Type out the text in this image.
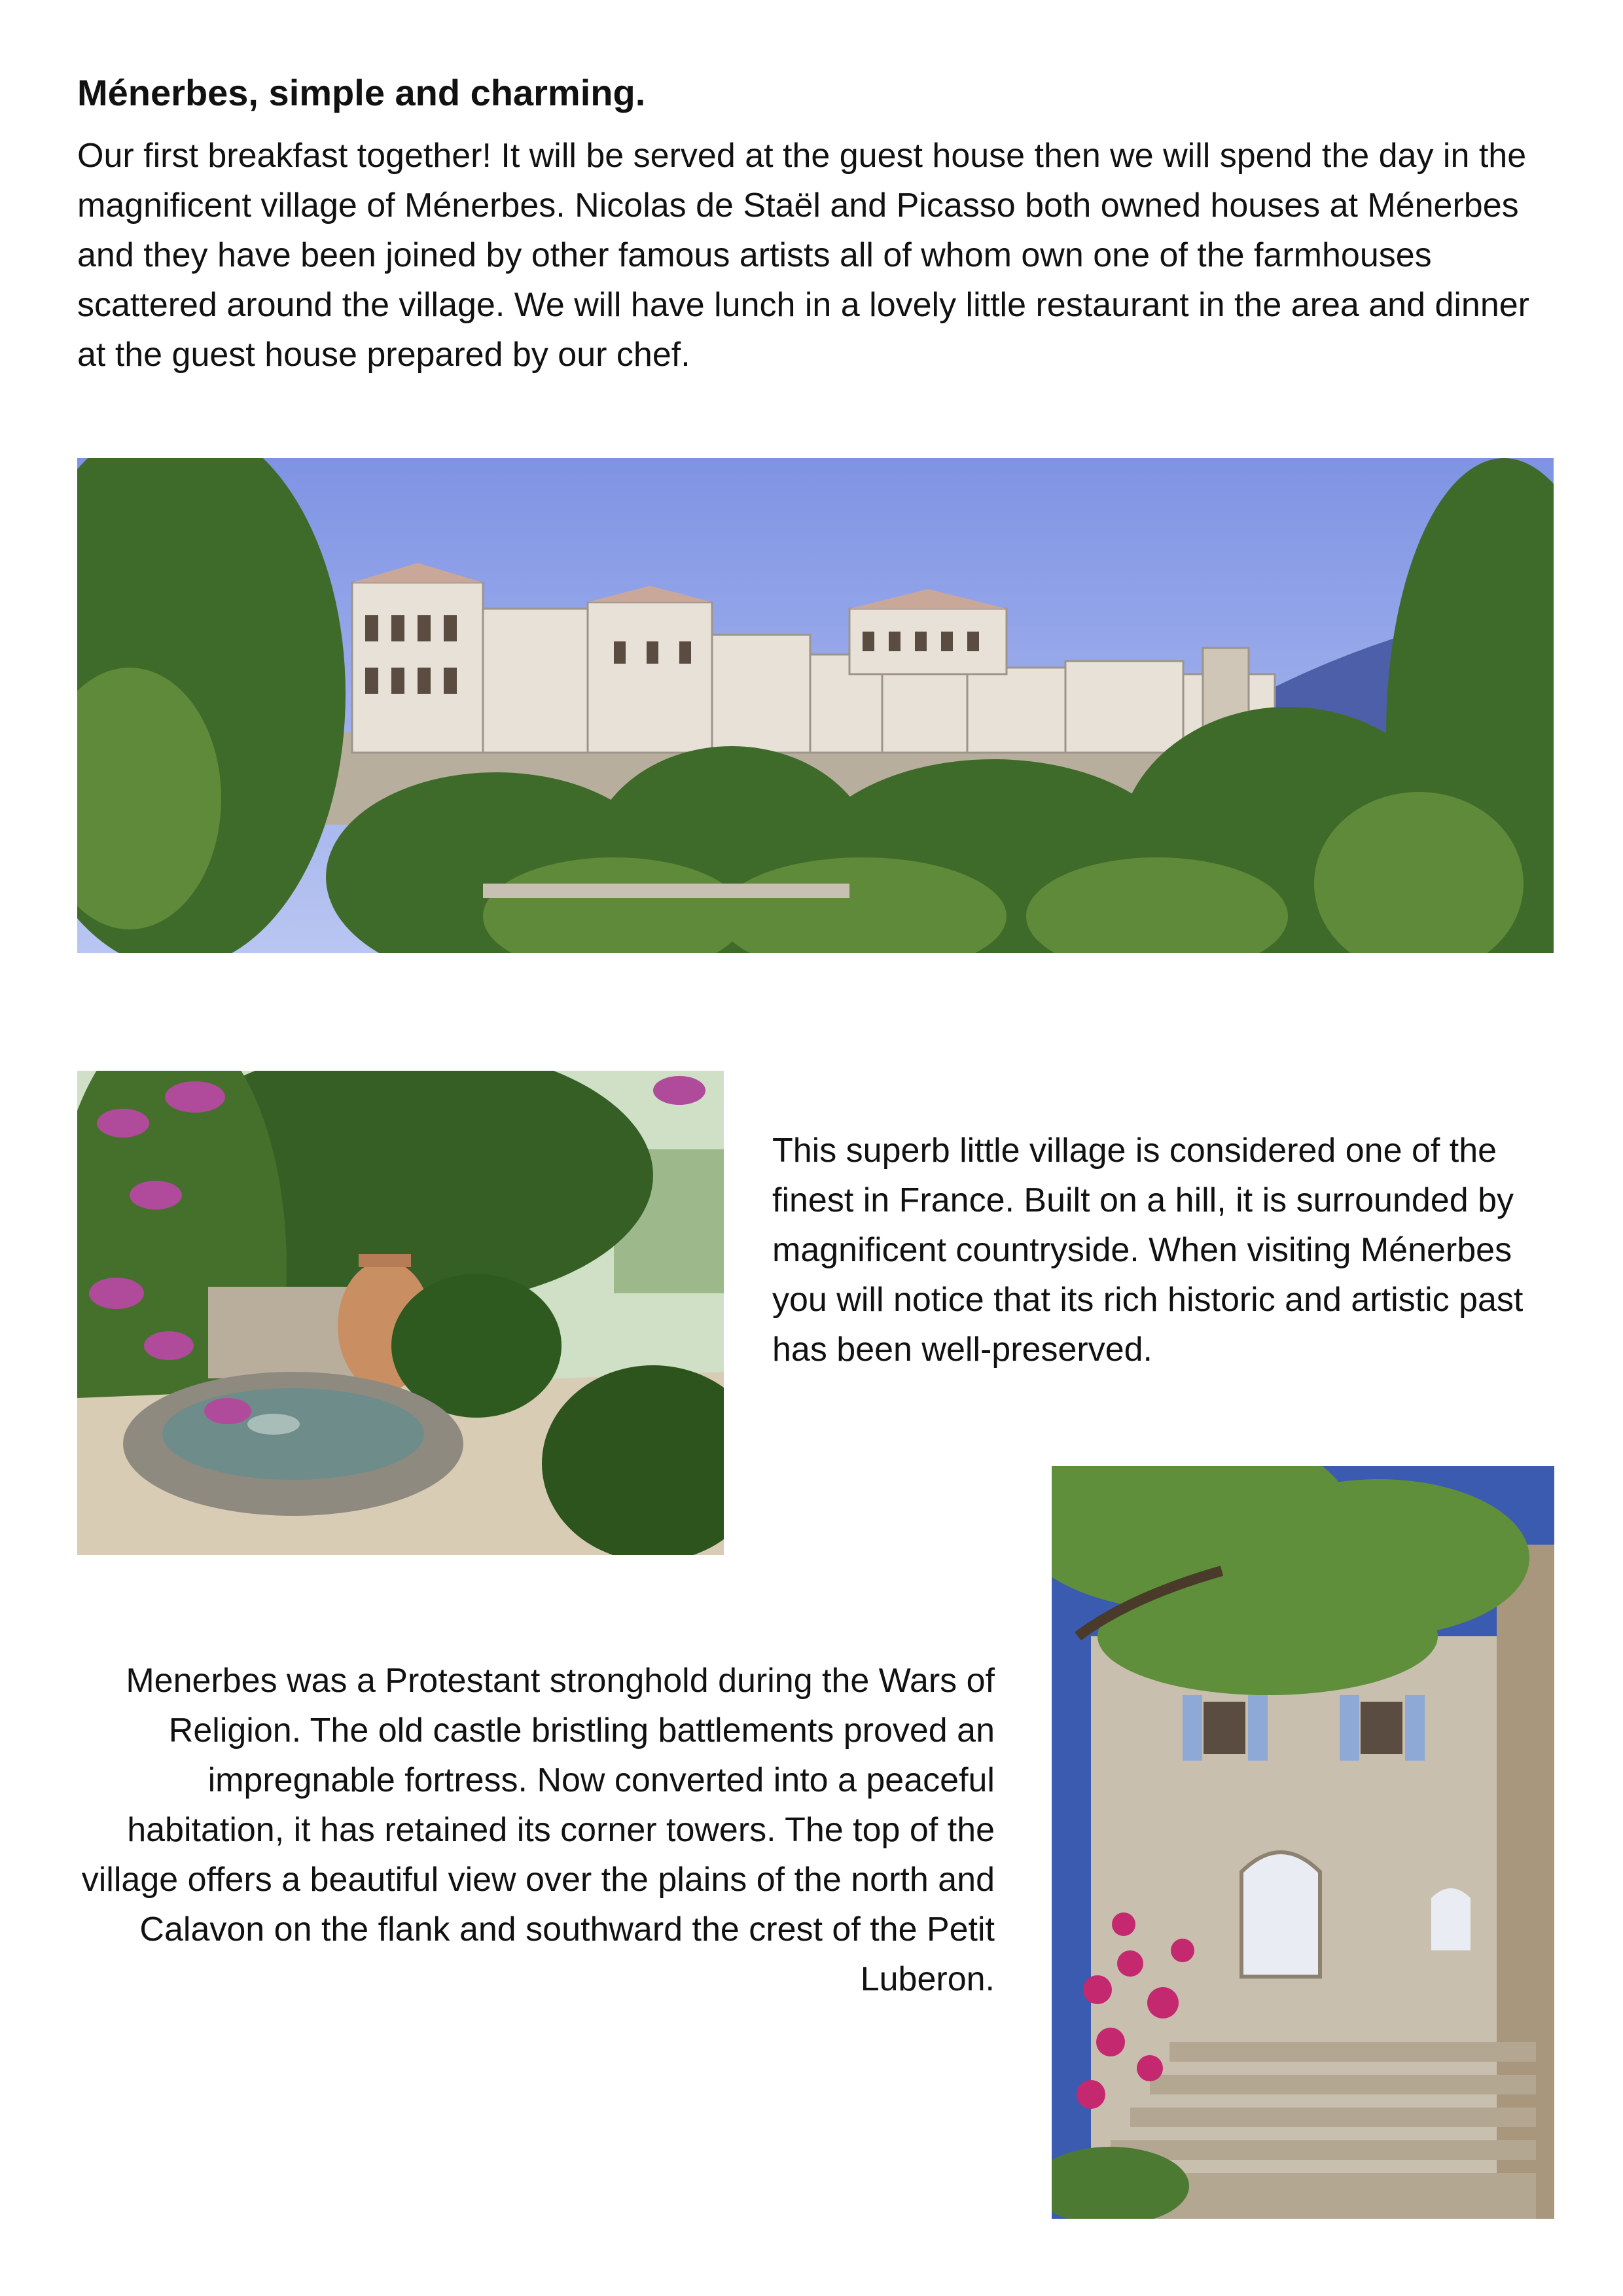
Ménerbes, simple and charming.

Our first breakfast together! It will be served at the guest house then we will spend the day in the magnificent village of Ménerbes. Nicolas de Staël and Picasso both owned houses at Ménerbes and they have been joined by other famous artists all of whom own one of the farmhouses scattered around the village. We will have lunch in a lovely little restaurant in the area and dinner at the guest house prepared by our chef.

This superb little village is considered one of the finest in France. Built on a hill, it is surrounded by magnificent countryside. When visiting Ménerbes you will notice that its rich historic and artistic past has been well-preserved.

Menerbes was a Protestant stronghold during the Wars of Religion. The old castle bristling battlements proved an impregnable fortress. Now converted into a peaceful habitation, it has retained its corner towers. The top of the village offers a beautiful view over the plains of the north and Calavon on the flank and southward the crest of the Petit Luberon.
